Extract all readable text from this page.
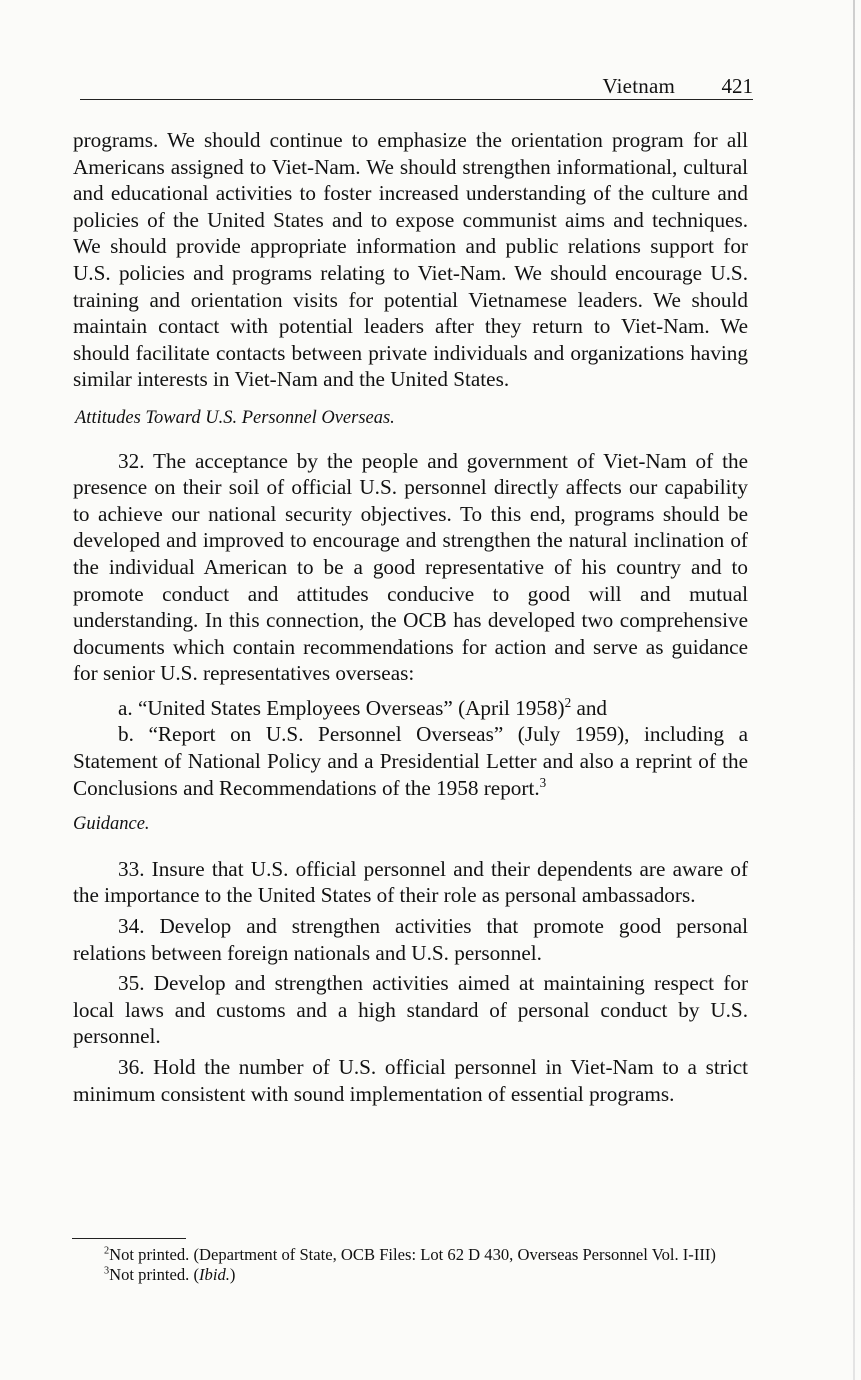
Vietnam 421

programs. We should continue to emphasize the orientation program for all Americans assigned to Viet-Nam. We should strengthen informational, cultural and educational activities to foster increased understanding of the culture and policies of the United States and to expose communist aims and techniques. We should provide appropriate information and public relations support for U.S. policies and programs relating to Viet-Nam. We should encourage U.S. training and orientation visits for potential Vietnamese leaders. We should maintain contact with potential leaders after they return to Viet-Nam. We should facilitate contacts between private individuals and organizations having similar interests in Viet-Nam and the United States.

Attitudes Toward U.S. Personnel Overseas.

32. The acceptance by the people and government of Viet-Nam of the presence on their soil of official U.S. personnel directly affects our capability to achieve our national security objectives. To this end, programs should be developed and improved to encourage and strengthen the natural inclination of the individual American to be a good representative of his country and to promote conduct and attitudes conducive to good will and mutual understanding. In this connection, the OCB has developed two comprehensive documents which contain recommendations for action and serve as guidance for senior U.S. representatives overseas:

a. “United States Employees Overseas” (April 1958)$^2$ and

b. “Report on U.S. Personnel Overseas” (July 1959), including a Statement of National Policy and a Presidential Letter and also a reprint of the Conclusions and Recommendations of the 1958 report.$^3$

Guidance.

33. Insure that U.S. official personnel and their dependents are aware of the importance to the United States of their role as personal ambassadors.

34. Develop and strengthen activities that promote good personal relations between foreign nationals and U.S. personnel.

35. Develop and strengthen activities aimed at maintaining respect for local laws and customs and a high standard of personal conduct by U.S. personnel.

36. Hold the number of U.S. official personnel in Viet-Nam to a strict minimum consistent with sound implementation of essential programs.

$^2$Not printed. (Department of State, OCB Files: Lot 62 D 430, Overseas Personnel Vol. I-III)

$^3$Not printed. (Ibid.)
